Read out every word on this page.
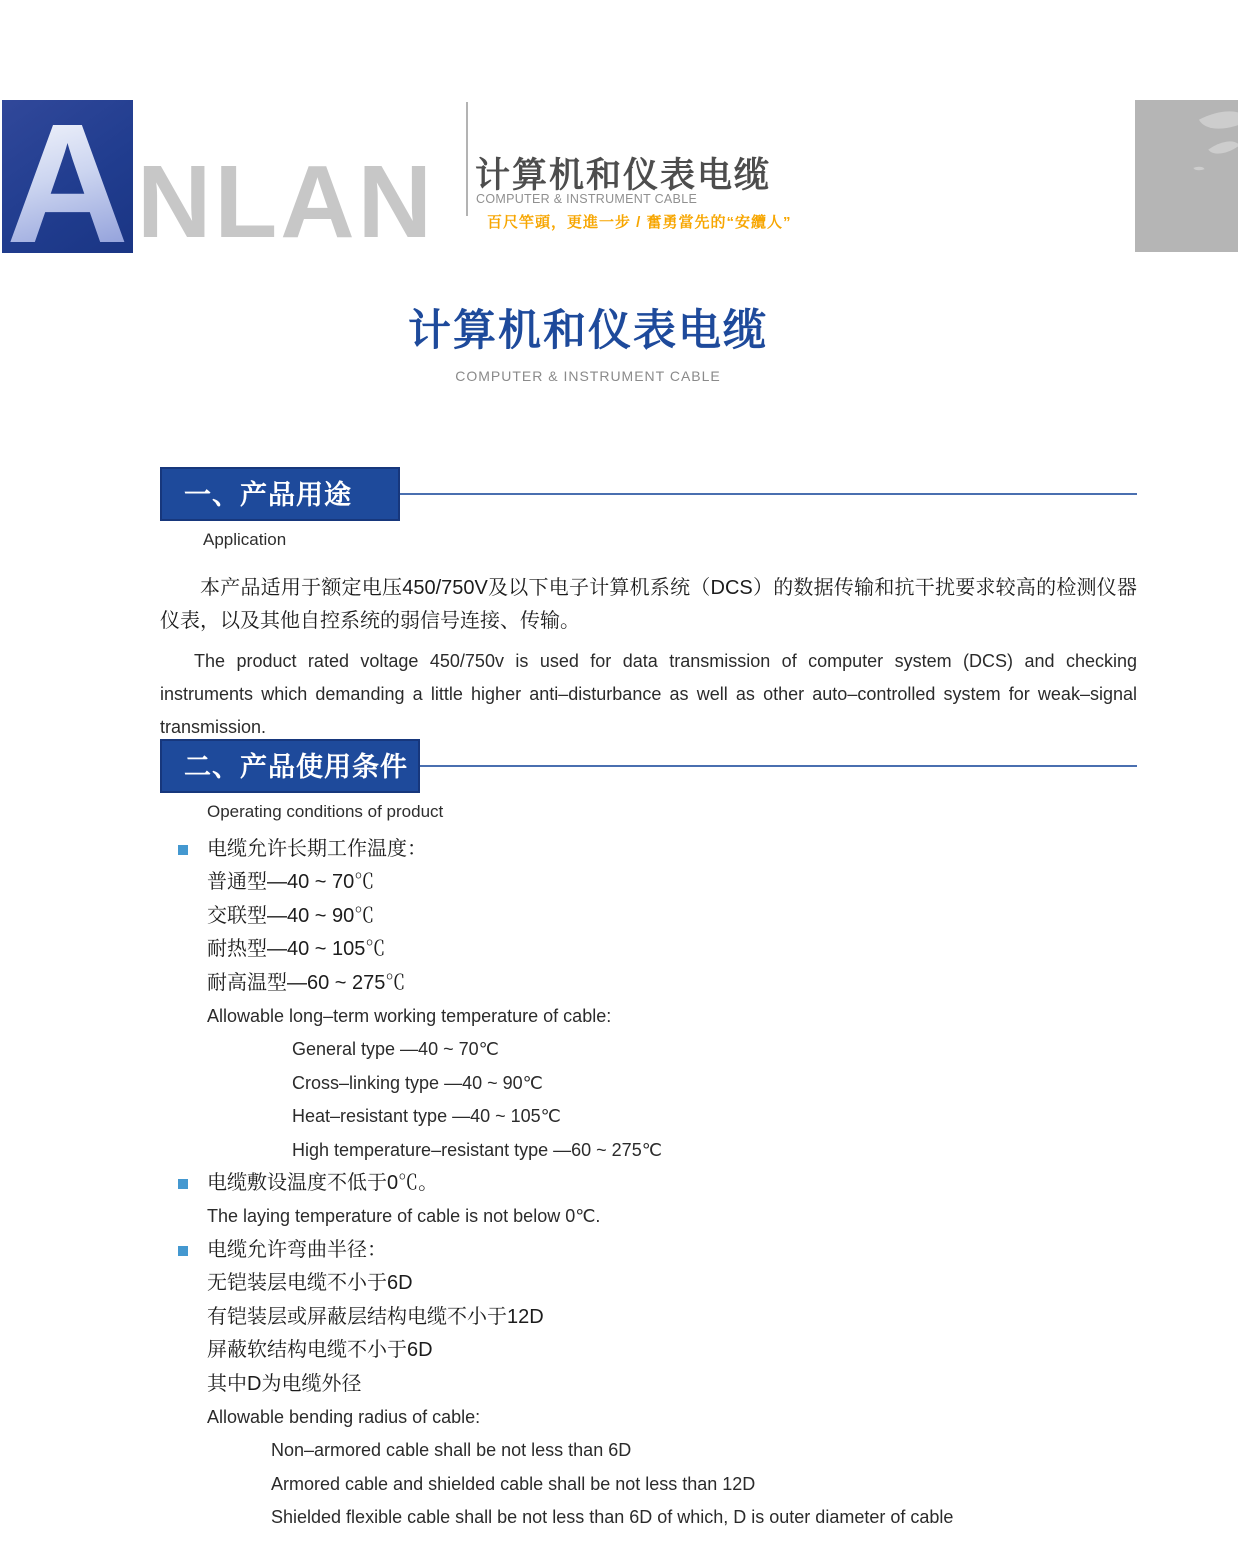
A NLAN 计算机和仪表电缆
COMPUTER & INSTRUMENT CABLE
百尺竿頭，更進一步 / 奮勇當先的“安纜人”
计算机和仪表电缆
COMPUTER & INSTRUMENT CABLE
一、产品用途
Application

本产品适用于额定电压450/750V及以下电子计算机系统（DCS）的数据传输和抗干扰要求较高的检测仪器仪表，以及其他自控系统的弱信号连接、传输。

The product rated voltage 450/750v is used for data transmission of computer system (DCS) and checking instruments which demanding a little higher anti–disturbance as well as other auto–controlled system for weak–signal transmission.

二、产品使用条件
Operating conditions of product
电缆允许长期工作温度：
普通型—40 ~ 70℃
交联型—40 ~ 90℃
耐热型—40 ~ 105℃
耐高温型—60 ~ 275℃
Allowable long–term working temperature of cable:
General type —40 ~ 70℃
Cross–linking type —40 ~ 90℃
Heat–resistant type —40 ~ 105℃
High temperature–resistant type —60 ~ 275℃
电缆敷设温度不低于0℃。
The laying temperature of cable is not below 0℃.
电缆允许弯曲半径：
无铠装层电缆不小于6D
有铠装层或屏蔽层结构电缆不小于12D
屏蔽软结构电缆不小于6D
其中D为电缆外径
Allowable bending radius of cable:
Non–armored cable shall be not less than 6D
Armored cable and shielded cable shall be not less than 12D
Shielded flexible cable shall be not less than 6D of which, D is outer diameter of cable
